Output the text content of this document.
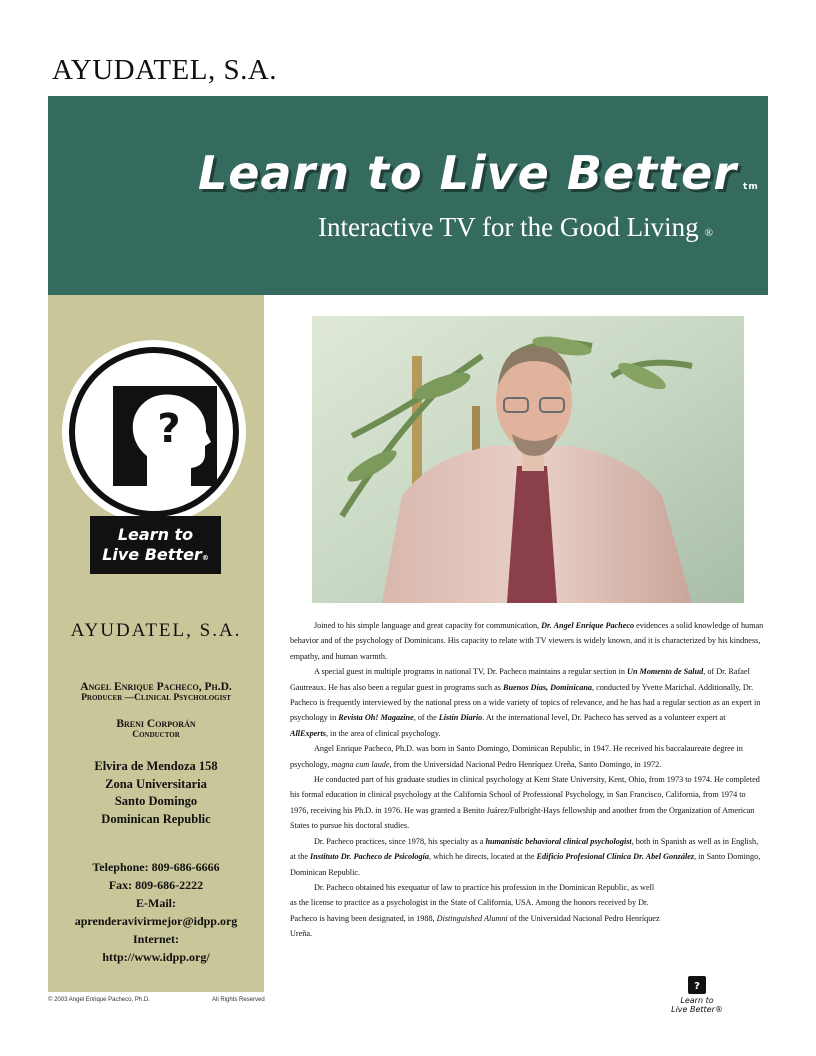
AYUDATEL, S.A.
Learn to Live Better tm
Interactive TV for the Good Living ®
?
Learn to
Live Better®
AYUDATEL, S.A.
Angel Enrique Pacheco, Ph.D.
Producer —Clinical Psychologist
Breni Corporán
Conductor
Elvira de Mendoza 158
Zona Universitaria
Santo Domingo
Dominican Republic
Telephone: 809-686-6666
Fax: 809-686-2222
E-Mail:
aprenderavivirmejor@idpp.org
Internet:
http://www.idpp.org/
© 2003 Angel Enrique Pacheco, Ph.D.	All Rights Reserved

Joined to his simple language and great capacity for communication, Dr. Angel Enrique Pacheco evidences a solid knowledge of human behavior and of the psychology of Dominicans. His capacity to relate with TV viewers is widely known, and it is characterized by his kindness, empathy, and human warmth.

A special guest in multiple programs in national TV, Dr. Pacheco maintains a regular section in Un Momento de Salud, of Dr. Rafael Gautreaux. He has also been a regular guest in programs such as Buenos Días, Dominicana, conducted by Yvette Marichal. Additionally, Dr. Pacheco is frequently interviewed by the national press on a wide variety of topics of relevance, and he has had a regular section as an expert in psychology in Revista Oh! Magazine, of the Listín Diario. At the international level, Dr. Pacheco has served as a volunteer expert at AllExperts, in the area of clinical psychology.

Angel Enrique Pacheco, Ph.D. was born in Santo Domingo, Dominican Republic, in 1947. He received his baccalaureate degree in psychology, magna cum laude, from the Universidad Nacional Pedro Henríquez Ureña, Santo Domingo, in 1972.

He conducted part of his graduate studies in clinical psychology at Kent State University, Kent, Ohio, from 1973 to 1974. He completed his formal education in clinical psychology at the California School of Professional Psychology, in San Francisco, California, from 1974 to 1976, receiving his Ph.D. in 1976. He was granted a Benito Juárez/Fulbright-Hays fellowship and another from the Organization of American States to pursue his doctoral studies.

Dr. Pacheco practices, since 1978, his specialty as a humanistic behavioral clinical psychologist, both in Spanish as well as in English, at the Instituto Dr. Pacheco de Psicología, which he directs, located at the Edificio Profesional Clínica Dr. Abel González, in Santo Domingo, Dominican Republic.

Dr. Pacheco obtained his exequatur of law to practice his profession in the Dominican Republic, as well as the license to practice as a psychologist in the State of California, USA. Among the honors received by Dr. Pacheco is having been designated, in 1988, Distinguished Alumni of the Universidad Nacional Pedro Henríquez Ureña.

?
Learn to
Live Better®
